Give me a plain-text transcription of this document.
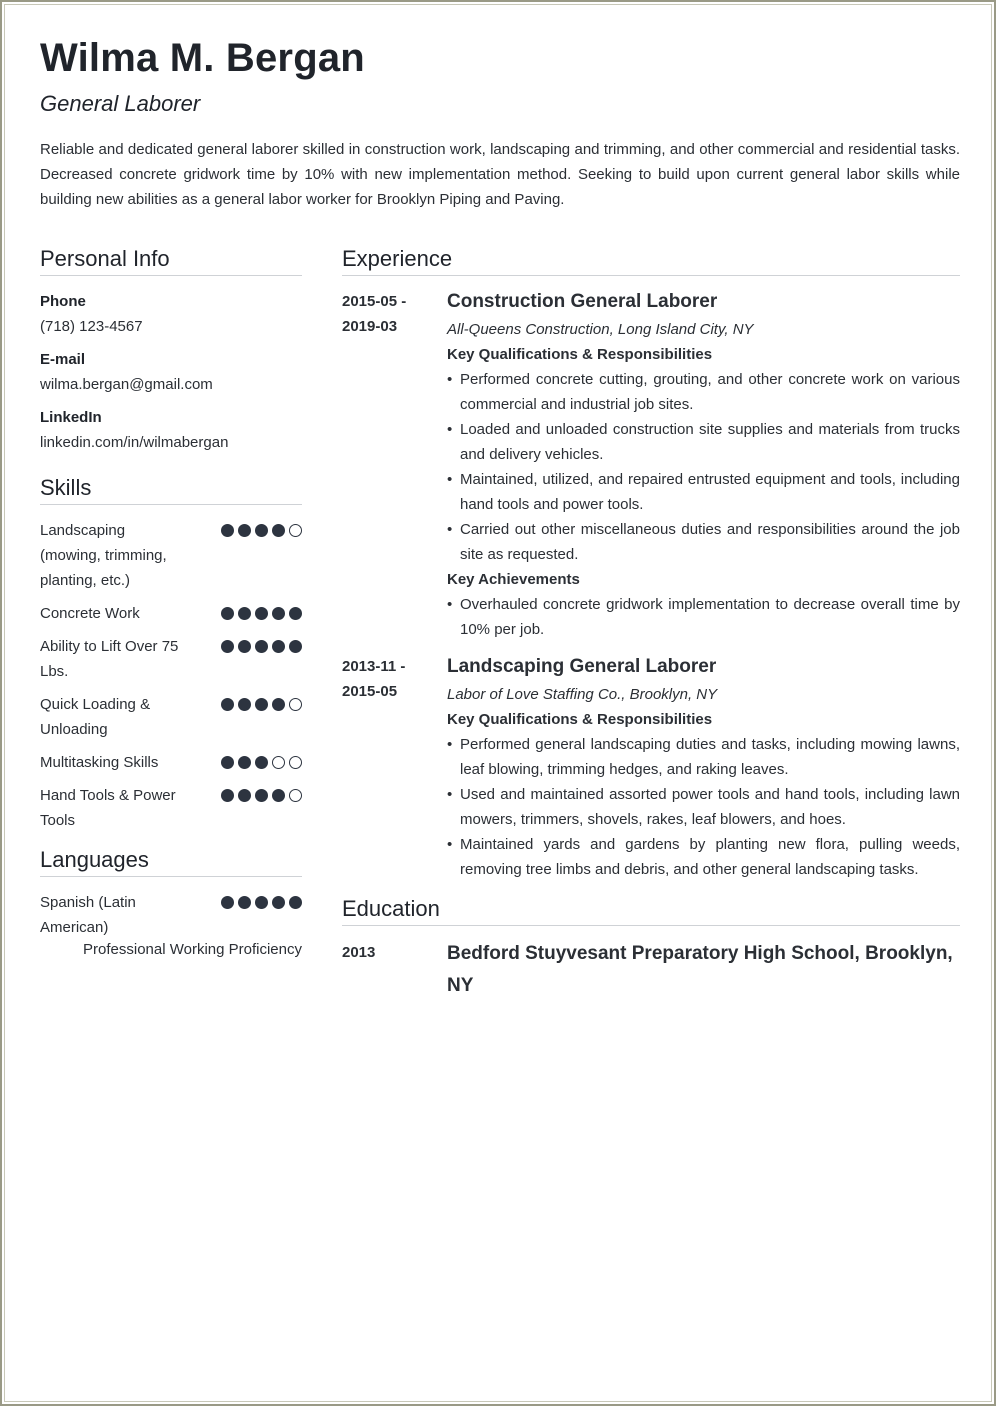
Wilma M. Bergan
General Laborer
Reliable and dedicated general laborer skilled in construction work, landscaping and trimming, and other commercial and residential tasks. Decreased concrete gridwork time by 10% with new implementation method. Seeking to build upon current general labor skills while building new abilities as a general labor worker for Brooklyn Piping and Paving.
Personal Info
Phone
(718) 123-4567
E-mail
wilma.bergan@gmail.com
LinkedIn
linkedin.com/in/wilmabergan
Skills
Landscaping (mowing, trimming, planting, etc.)
Concrete Work
Ability to Lift Over 75 Lbs.
Quick Loading & Unloading
Multitasking Skills
Hand Tools & Power Tools
Languages
Spanish (Latin American)
Professional Working Proficiency
Experience
2015-05 - 2019-03
Construction General Laborer
All-Queens Construction, Long Island City, NY
Key Qualifications & Responsibilities
• Performed concrete cutting, grouting, and other concrete work on various commercial and industrial job sites.
• Loaded and unloaded construction site supplies and materials from trucks and delivery vehicles.
• Maintained, utilized, and repaired entrusted equipment and tools, including hand tools and power tools.
• Carried out other miscellaneous duties and responsibilities around the job site as requested.
Key Achievements
• Overhauled concrete gridwork implementation to decrease overall time by 10% per job.
2013-11 - 2015-05
Landscaping General Laborer
Labor of Love Staffing Co., Brooklyn, NY
Key Qualifications & Responsibilities
• Performed general landscaping duties and tasks, including mowing lawns, leaf blowing, trimming hedges, and raking leaves.
• Used and maintained assorted power tools and hand tools, including lawn mowers, trimmers, shovels, rakes, leaf blowers, and hoes.
• Maintained yards and gardens by planting new flora, pulling weeds, removing tree limbs and debris, and other general landscaping tasks.
Education
2013	Bedford Stuyvesant Preparatory High School, Brooklyn, NY
